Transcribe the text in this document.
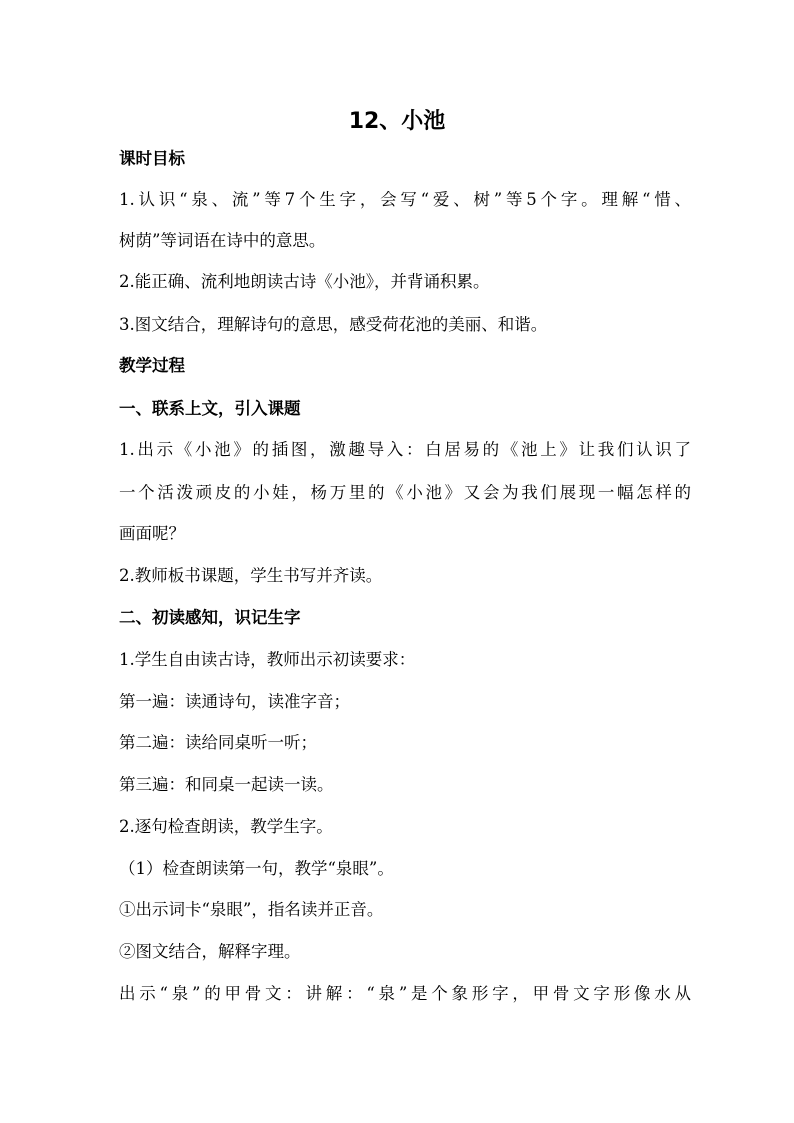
12、小池
课时目标
1.认识“泉、流”等7个生字，会写“爱、树”等5个字。理解“惜、
树荫”等词语在诗中的意思。
2.能正确、流利地朗读古诗《小池》，并背诵积累。
3.图文结合，理解诗句的意思，感受荷花池的美丽、和谐。
教学过程
一、联系上文，引入课题
1.出示《小池》的插图，激趣导入：白居易的《池上》让我们认识了
一个活泼顽皮的小娃，杨万里的《小池》又会为我们展现一幅怎样的
画面呢？
2.教师板书课题，学生书写并齐读。
二、初读感知，识记生字
1.学生自由读古诗，教师出示初读要求：
第一遍：读通诗句，读准字音；
第二遍：读给同桌听一听；
第三遍：和同桌一起读一读。
2.逐句检查朗读，教学生字。
（1）检查朗读第一句，教学“泉眼”。
①出示词卡“泉眼”，指名读并正音。
②图文结合，解释字理。
出示“泉”的甲骨文：讲解：“泉”是个象形字，甲骨文字形像水从
